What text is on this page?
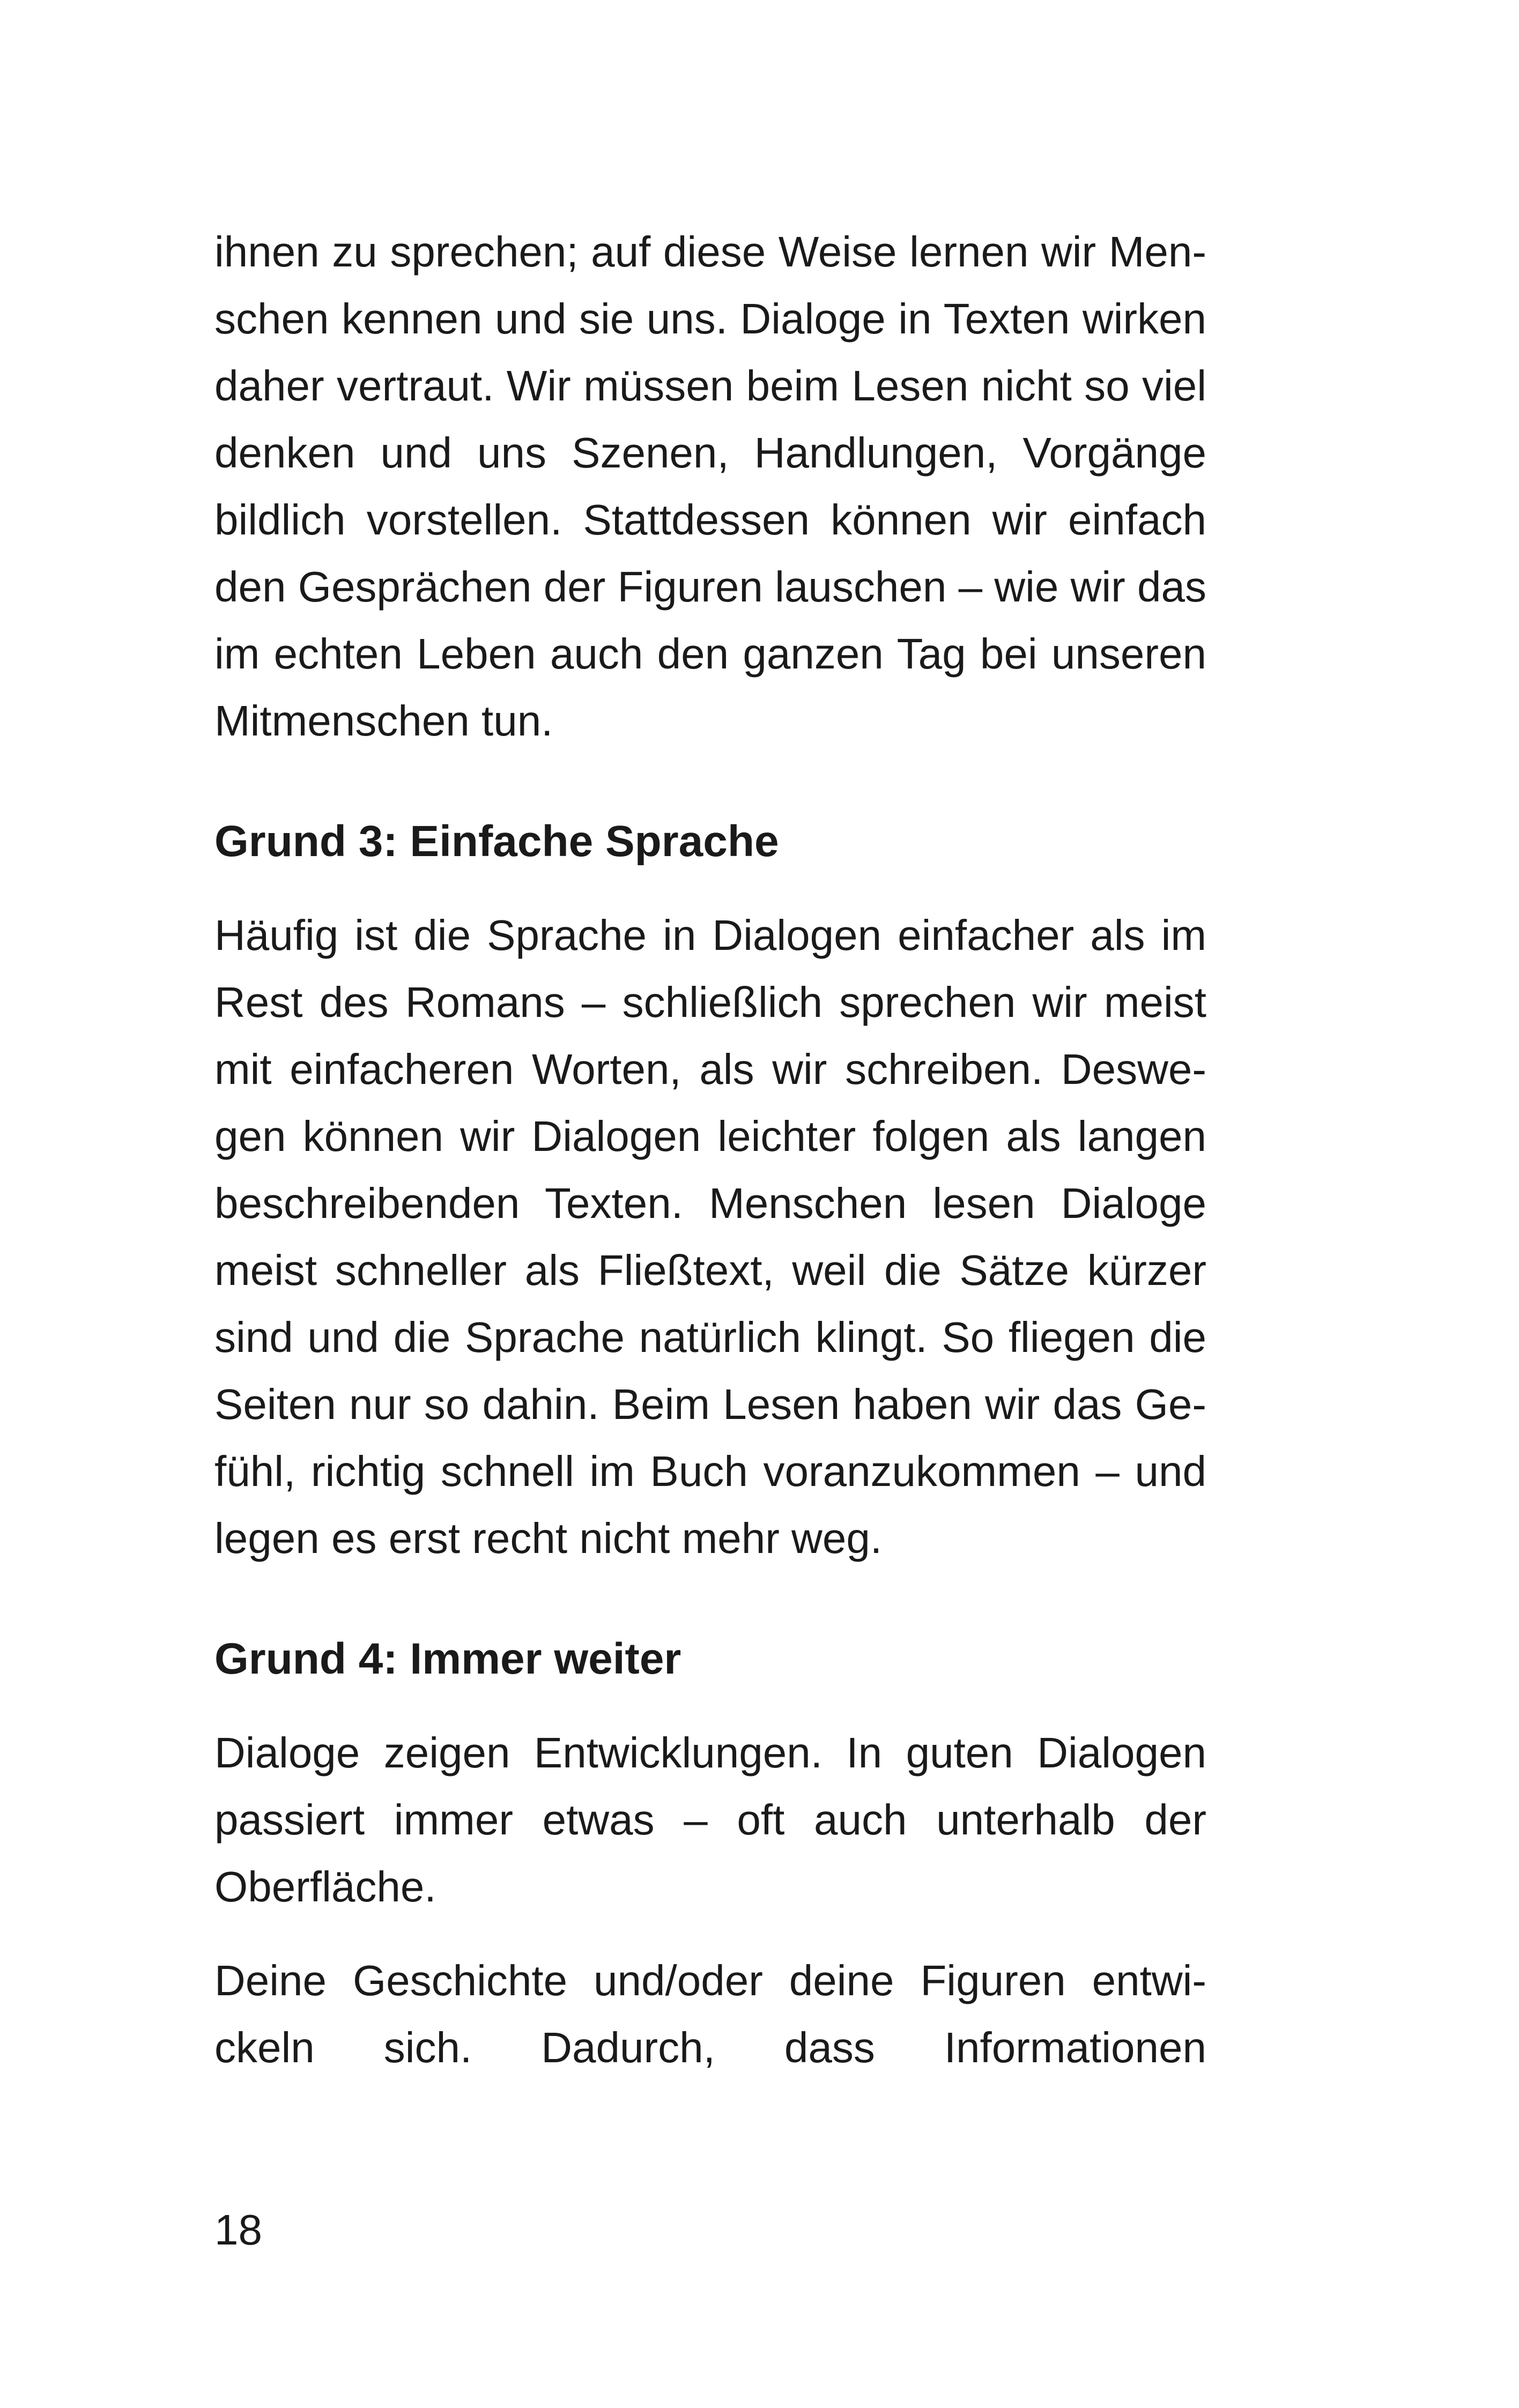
ihnen zu sprechen; auf diese Weise lernen wir Men-
schen kennen und sie uns. Dialoge in Texten wirken
daher vertraut. Wir müssen beim Lesen nicht so viel
denken und uns Szenen, Handlungen, Vorgänge
bildlich vorstellen. Stattdessen können wir einfach
den Gesprächen der Figuren lauschen – wie wir das
im echten Leben auch den ganzen Tag bei unseren
Mitmenschen tun.
Grund 3: Einfache Sprache
Häufig ist die Sprache in Dialogen einfacher als im
Rest des Romans – schließlich sprechen wir meist
mit einfacheren Worten, als wir schreiben. Deswe-
gen können wir Dialogen leichter folgen als langen
beschreibenden Texten. Menschen lesen Dialoge
meist schneller als Fließtext, weil die Sätze kürzer
sind und die Sprache natürlich klingt. So fliegen die
Seiten nur so dahin. Beim Lesen haben wir das Ge-
fühl, richtig schnell im Buch voranzukommen – und
legen es erst recht nicht mehr weg.
Grund 4: Immer weiter
Dialoge zeigen Entwicklungen. In guten Dialogen
passiert immer etwas – oft auch unterhalb der
Oberfläche.
Deine Geschichte und/oder deine Figuren entwi-
ckeln sich. Dadurch, dass Informationen
18
